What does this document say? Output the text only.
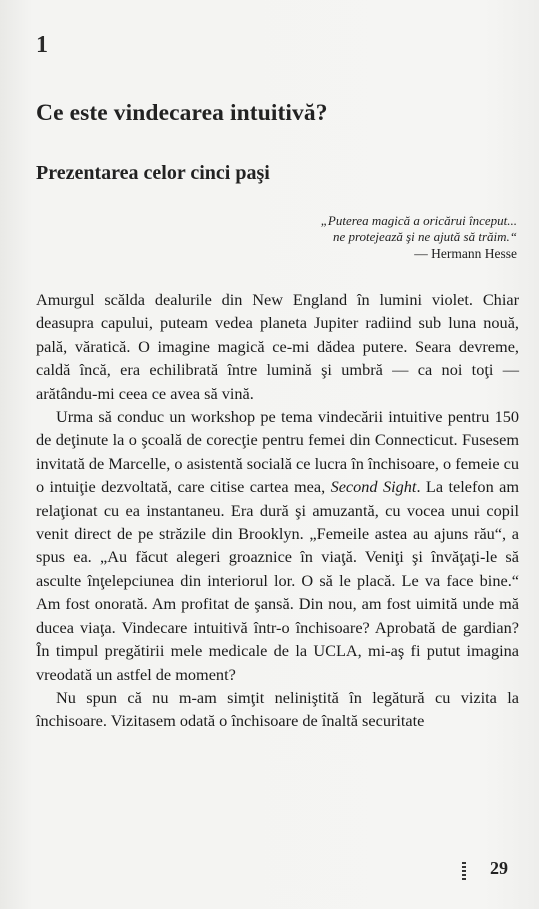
1
Ce este vindecarea intuitivă?
Prezentarea celor cinci paşi
„Puterea magică a oricărui început...
ne protejează şi ne ajută să trăim.“
— Hermann Hesse

Amurgul scălda dealurile din New England în lumini violet. Chiar deasupra capului, puteam vedea planeta Jupiter radiind sub luna nouă, pală, văratică. O imagine magică ce-mi dădea putere. Seara devreme, caldă încă, era echilibrată între lumină şi umbră — ca noi toţi — arătându-mi ceea ce avea să vină.

Urma să conduc un workshop pe tema vindecării intuitive pentru 150 de deţinute la o şcoală de corecţie pentru femei din Connecticut. Fusesem invitată de Marcelle, o asistentă socială ce lucra în închisoare, o femeie cu o intuiţie dezvoltată, care citise cartea mea, Second Sight. La telefon am relaţionat cu ea instantaneu. Era dură şi amuzantă, cu vocea unui copil venit direct de pe străzile din Brooklyn. „Femeile astea au ajuns rău“, a spus ea. „Au făcut alegeri groaznice în viaţă. Veniţi şi învăţaţi-le să asculte înţelepciunea din interiorul lor. O să le placă. Le va face bine.“ Am fost onorată. Am profitat de şansă. Din nou, am fost uimită unde mă ducea viaţa. Vindecare intuitivă într-o închisoare? Aprobată de gardian? În timpul pregătirii mele medicale de la UCLA, mi-aş fi putut imagina vreodată un astfel de moment?

Nu spun că nu m-am simţit neliniştită în legătură cu vizita la închisoare. Vizitasem odată o închisoare de înaltă securitate

29
